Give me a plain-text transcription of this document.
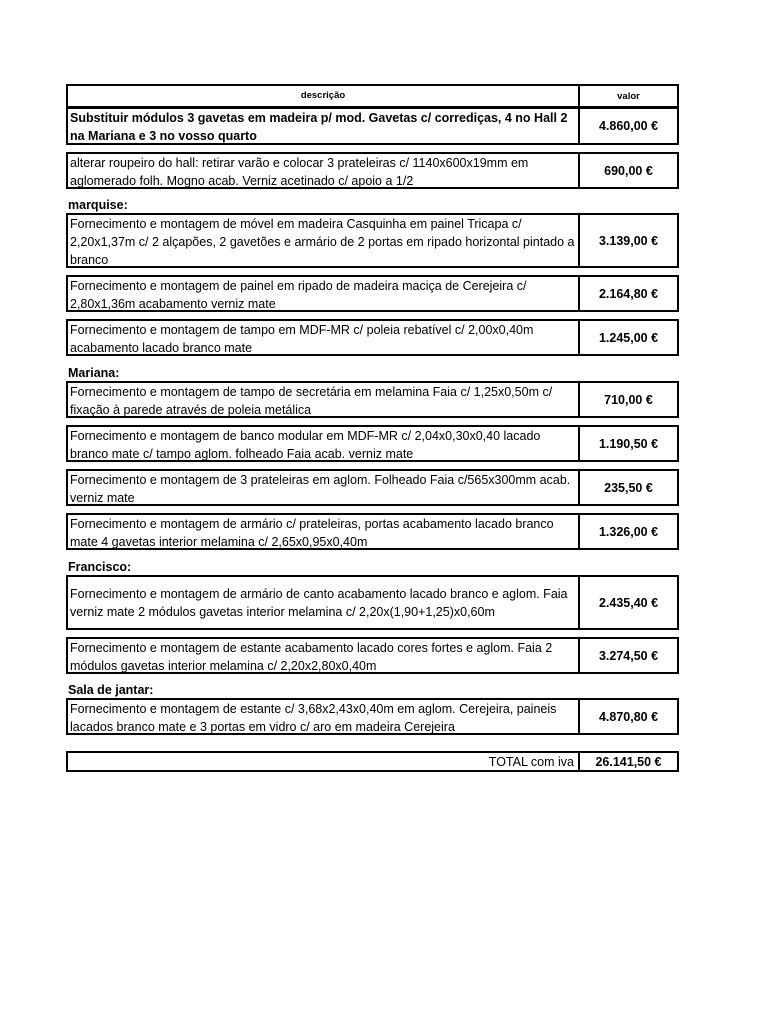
descrição	valor
Substituir módulos 3 gavetas em madeira p/ mod. Gavetas c/ corrediças, 4 no Hall 2 na Mariana e 3 no vosso quarto
4.860,00 €
alterar roupeiro do hall: retirar varão e colocar 3 prateleiras c/ 1140x600x19mm em aglomerado folh. Mogno acab. Verniz acetinado c/ apoio a 1/2
690,00 €
marquise:
Fornecimento e montagem de móvel em madeira Casquinha em painel Tricapa c/ 2,20x1,37m c/ 2 alçapões, 2 gavetões e armário de 2 portas em ripado horizontal pintado a branco
3.139,00 €
Fornecimento e montagem de painel em ripado de madeira maciça de Cerejeira c/ 2,80x1,36m acabamento verniz mate
2.164,80 €
Fornecimento e montagem de tampo em MDF-MR c/ poleia rebatível c/ 2,00x0,40m acabamento lacado branco mate
1.245,00 €
Mariana:
Fornecimento e montagem de tampo de secretária em melamina Faia c/ 1,25x0,50m c/ fixação à parede através de poleia metálica
710,00 €
Fornecimento e montagem de banco modular em MDF-MR c/ 2,04x0,30x0,40 lacado branco mate c/ tampo aglom. folheado Faia acab. verniz mate
1.190,50 €
Fornecimento e montagem de 3 prateleiras em aglom. Folheado Faia c/565x300mm acab. verniz mate
235,50 €
Fornecimento e montagem de armário c/ prateleiras, portas acabamento lacado branco mate 4 gavetas interior melamina c/ 2,65x0,95x0,40m
1.326,00 €
Francisco:
Fornecimento e montagem de armário de canto acabamento lacado branco e aglom. Faia verniz mate 2 módulos gavetas interior melamina c/ 2,20x(1,90+1,25)x0,60m
2.435,40 €
Fornecimento e montagem de estante acabamento lacado cores fortes e aglom. Faia 2 módulos gavetas interior melamina c/ 2,20x2,80x0,40m
3.274,50 €
Sala de jantar:
Fornecimento e montagem de estante c/ 3,68x2,43x0,40m em aglom. Cerejeira, paineis lacados branco mate e 3 portas em vidro c/ aro em madeira Cerejeira
4.870,80 €
TOTAL com iva	26.141,50 €
